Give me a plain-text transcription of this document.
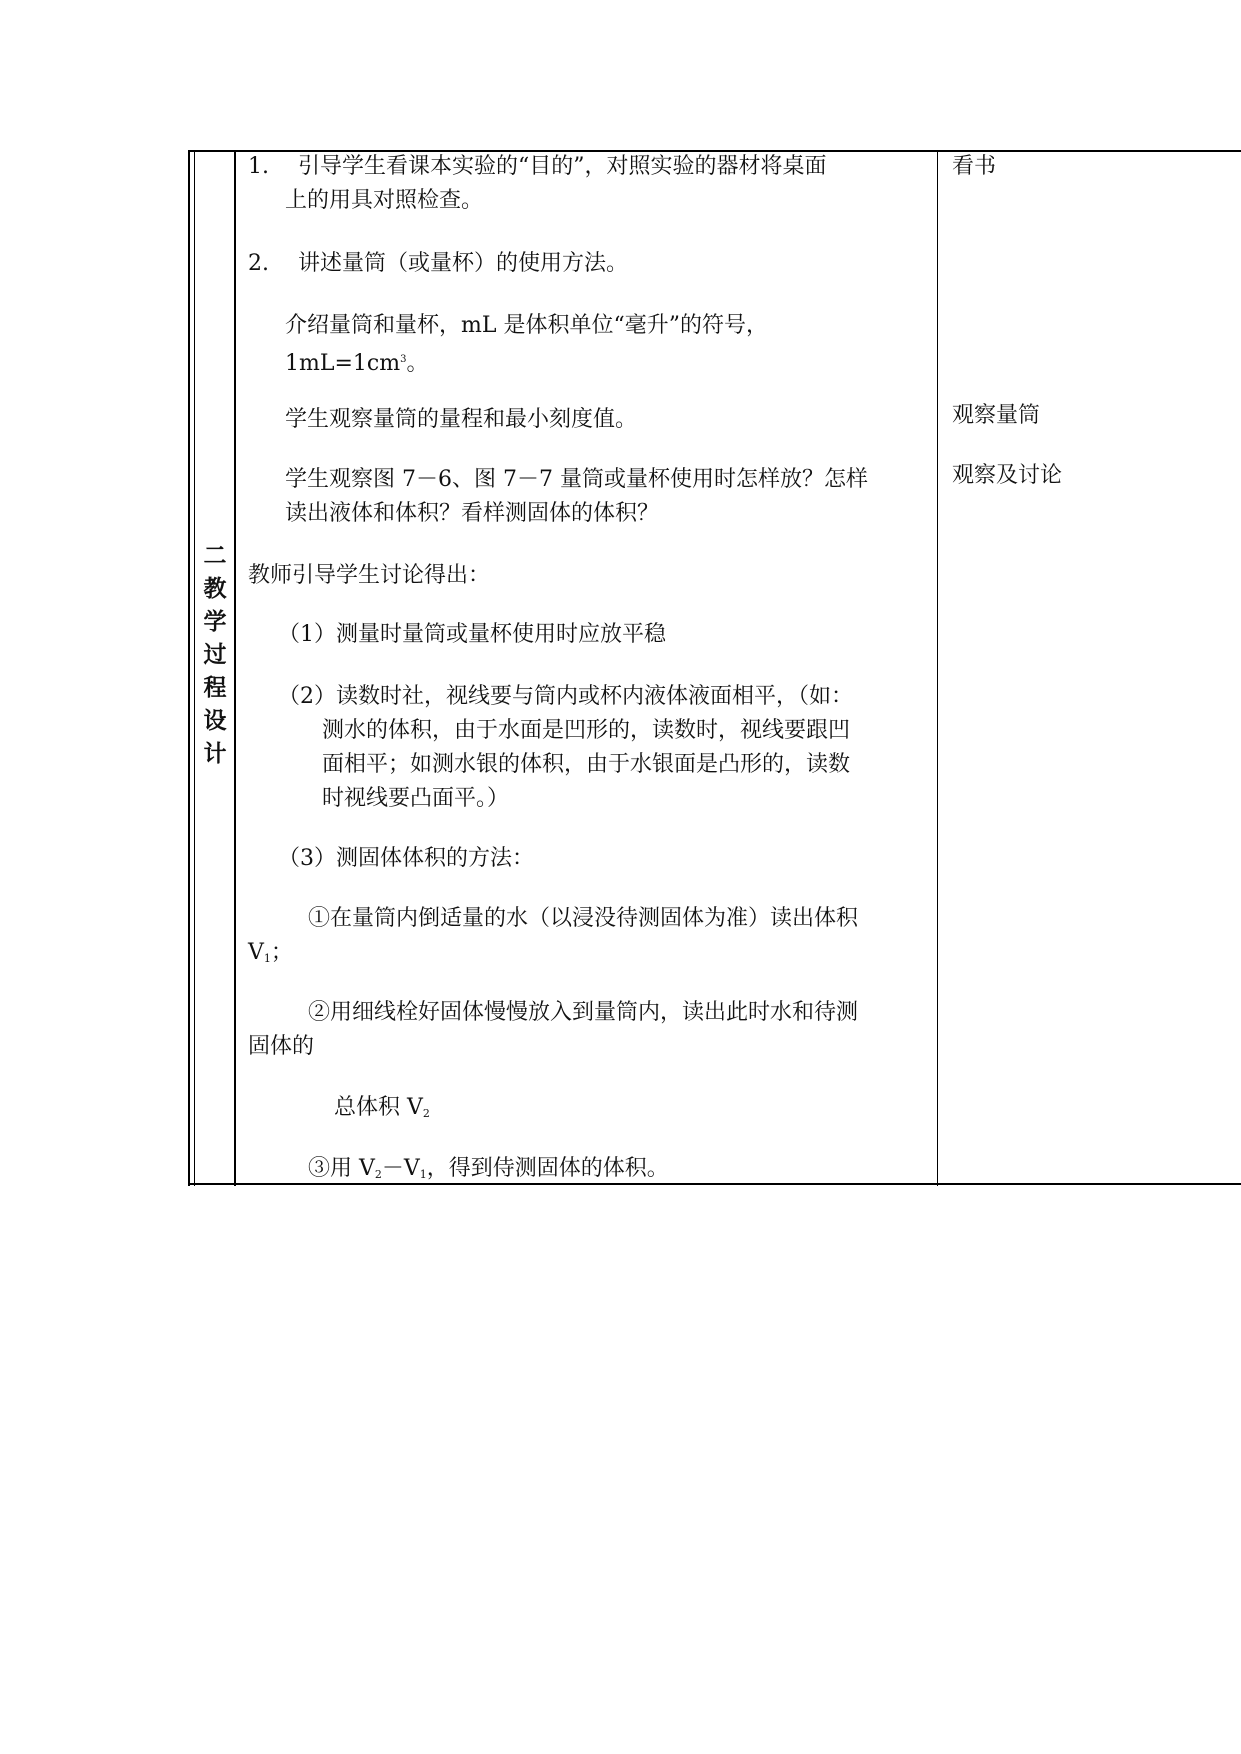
二教学过程设计
1. 引导学生看课本实验的“目的”，对照实验的器材将桌面
上的用具对照检查。
2. 讲述量筒（或量杯）的使用方法。
介绍量筒和量杯，mL 是体积单位“毫升”的符号，
$1mL=1cm^3$。
学生观察量筒的量程和最小刻度值。
学生观察图 7－6、图 7－7 量筒或量杯使用时怎样放？怎样
读出液体和体积？看样测固体的体积？
教师引导学生讨论得出：
（1）测量时量筒或量杯使用时应放平稳
（2）读数时社，视线要与筒内或杯内液体液面相平，（如：
测水的体积，由于水面是凹形的，读数时，视线要跟凹
面相平；如测水银的体积，由于水银面是凸形的，读数
时视线要凸面平。）
（3）测固体体积的方法：
①在量筒内倒适量的水（以浸没待测固体为准）读出体积
$V_1$；
②用细线栓好固体慢慢放入到量筒内，读出此时水和待测
固体的
总体积 $V_2$
③用 $V_2-V_1$，得到侍测固体的体积。
看书
观察量筒
观察及讨论
